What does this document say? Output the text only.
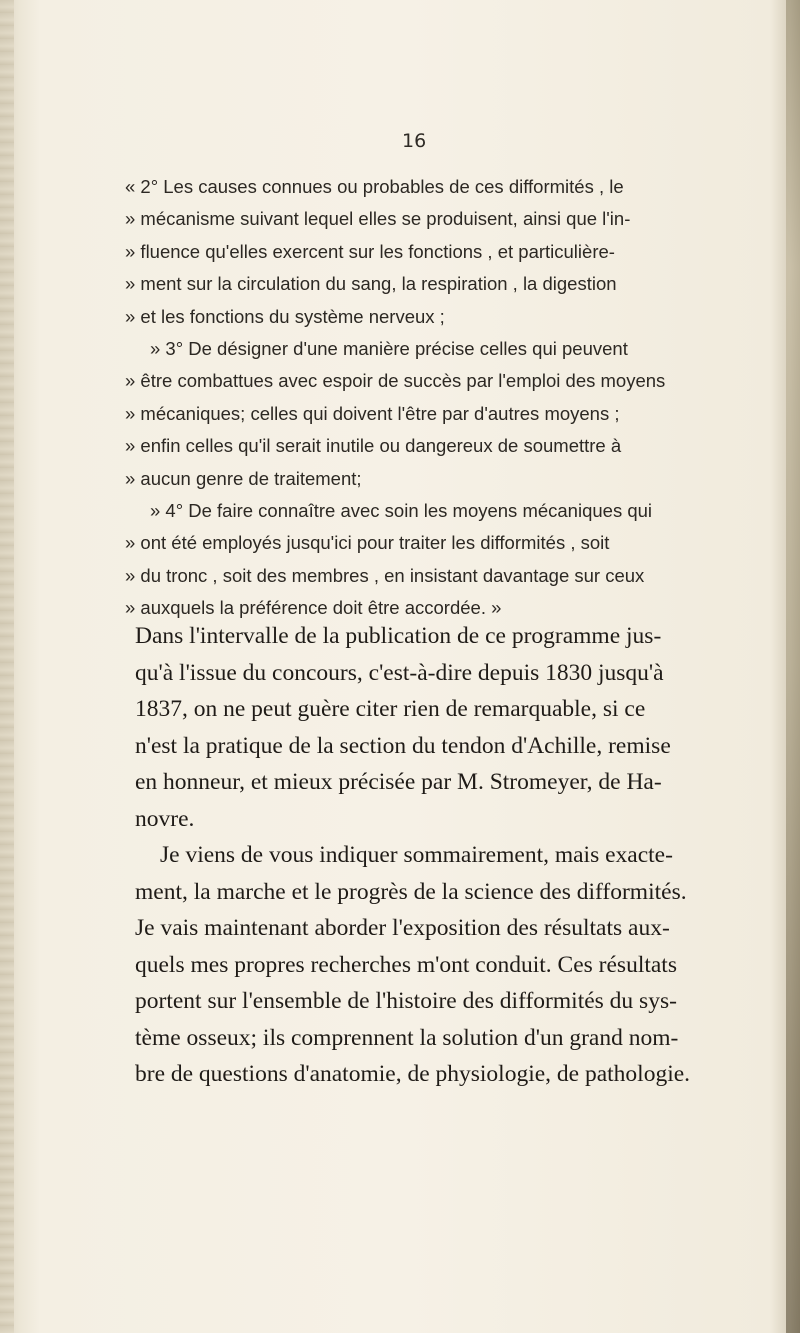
16
« 2° Les causes connues ou probables de ces difformités , le
» mécanisme suivant lequel elles se produisent, ainsi que l'in-
» fluence qu'elles exercent sur les fonctions , et particulière-
» ment sur la circulation du sang, la respiration , la digestion
» et les fonctions du système nerveux ;
» 3° De désigner d'une manière précise celles qui peuvent
» être combattues avec espoir de succès par l'emploi des moyens
» mécaniques; celles qui doivent l'être par d'autres moyens ;
» enfin celles qu'il serait inutile ou dangereux de soumettre à
» aucun genre de traitement;
» 4° De faire connaître avec soin les moyens mécaniques qui
» ont été employés jusqu'ici pour traiter les difformités , soit
» du tronc , soit des membres , en insistant davantage sur ceux
» auxquels la préférence doit être accordée. »
Dans l'intervalle de la publication de ce programme jus-
qu'à l'issue du concours, c'est-à-dire depuis 1830 jusqu'à
1837, on ne peut guère citer rien de remarquable, si ce
n'est la pratique de la section du tendon d'Achille, remise
en honneur, et mieux précisée par M. Stromeyer, de Ha-
novre.
Je viens de vous indiquer sommairement, mais exacte-
ment, la marche et le progrès de la science des difformités.
Je vais maintenant aborder l'exposition des résultats aux-
quels mes propres recherches m'ont conduit. Ces résultats
portent sur l'ensemble de l'histoire des difformités du sys-
tème osseux; ils comprennent la solution d'un grand nom-
bre de questions d'anatomie, de physiologie, de pathologie.
